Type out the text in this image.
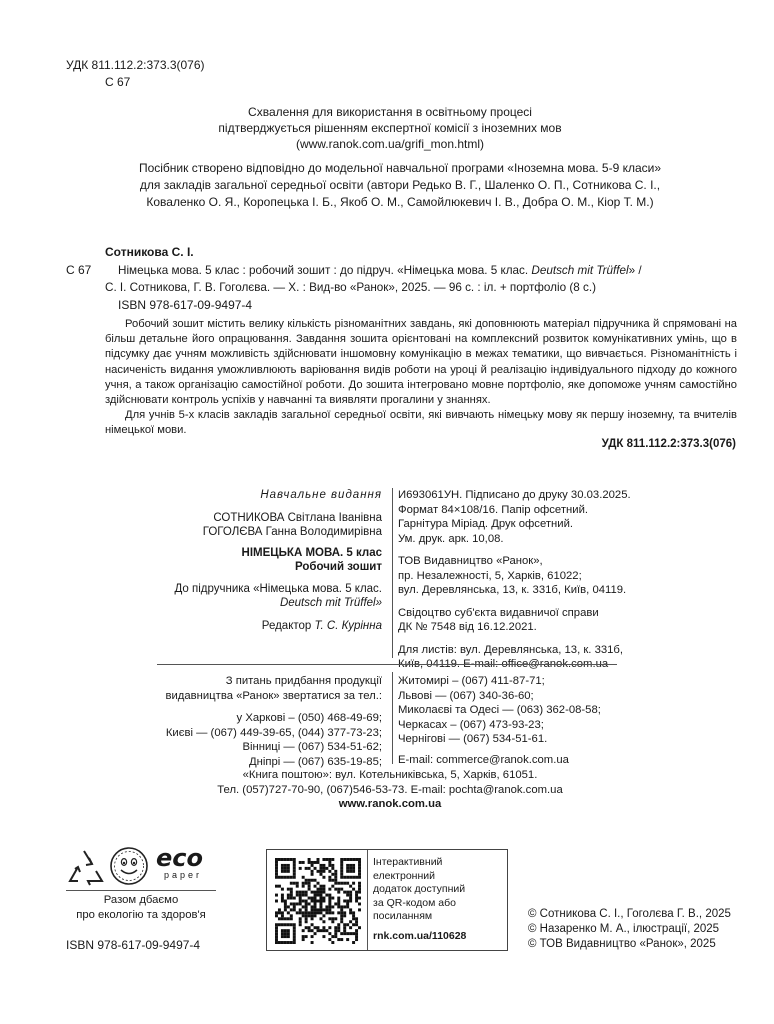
УДК 811.112.2:373.3(076)
С 67
Схвалення для використання в освітньому процесі
підтверджується рішенням експертної комісії з іноземних мов
(www.ranok.com.ua/grifi_mon.html)
Посібник створено відповідно до модельної навчальної програми «Іноземна мова. 5-9 класи»
для закладів загальної середньої освіти (автори Редько В. Г., Шаленко О. П., Сотникова С. І.,
Коваленко О. Я., Коропецька І. Б., Якоб О. М., Самойлюкевич І. В., Добра О. М., Кіор Т. М.)
Сотникова С. І.
С 67 Німецька мова. 5 клас : робочий зошит : до підруч. «Німецька мова. 5 клас. Deutsch mit Trüffel» /
С. І. Сотникова, Г. В. Гоголєва. — Х. : Вид-во «Ранок», 2025. — 96 с. : іл. + портфоліо (8 с.)
ISBN 978-617-09-9497-4

Робочий зошит містить велику кількість різноманітних завдань, які доповнюють матеріал підручника й спрямовані на більш детальне його опрацювання. Завдання зошита орієнтовані на комплексний розвиток комунікативних умінь, що в підсумку дає учням можливість здійснювати іншомовну комунікацію в межах тематики, що вивчається. Різноманітність і насиченість видання уможливлюють варіювання видів роботи на уроці й реалізацію індивідуального підходу до кожного учня, а також організацію самостійної роботи. До зошита інтегровано мовне портфоліо, яке допоможе учням самостійно здійснювати контроль успіхів у навчанні та виявляти прогалини у знаннях.

Для учнів 5-х класів закладів загальної середньої освіти, які вивчають німецьку мову як першу іноземну, та вчителів німецької мови.

УДК 811.112.2:373.3(076)
Навчальне видання
СОТНИКОВА Світлана Іванівна
ГОГОЛЄВА Ганна Володимирівна
НІМЕЦЬКА МОВА. 5 клас
Робочий зошит
До підручника «Німецька мова. 5 клас.
Deutsch mit Trüffel»
Редактор Т. С. Курінна
И693061УН. Підписано до друку 30.03.2025.
Формат 84×108/16. Папір офсетний.
Гарнітура Міріад. Друк офсетний.
Ум. друк. арк. 10,08.
ТОВ Видавництво «Ранок»,
пр. Незалежності, 5, Харків, 61022;
вул. Деревлянська, 13, к. 331б, Київ, 04119.
Свідоцтво суб'єкта видавничої справи
ДК № 7548 від 16.12.2021.
Для листів: вул. Деревлянська, 13, к. 331б,
Київ, 04119. E-mail: office@ranok.com.ua
З питань придбання продукції
видавництва «Ранок» звертатися за тел.:
у Харкові – (050) 468-49-69;
Києві — (067) 449-39-65, (044) 377-73-23;
Вінниці — (067) 534-51-62;
Дніпрі — (067) 635-19-85;
Житомирі – (067) 411-87-71;
Львові — (067) 340-36-60;
Миколаєві та Одесі — (063) 362-08-58;
Черкасах – (067) 473-93-23;
Чернігові — (067) 534-51-61.
E-mail: commerce@ranok.com.ua
«Книга поштою»: вул. Котельниківська, 5, Харків, 61051.
Тел. (057)727-70-90, (067)546-53-73. E-mail: pochta@ranok.com.ua
www.ranok.com.ua
eco
paper
Разом дбаємо
про екологію та здоров'я
ISBN 978-617-09-9497-4
Інтерактивний
електронний
додаток доступний
за QR-кодом або
посиланням
rnk.com.ua/110628
© Сотникова С. І., Гоголєва Г. В., 2025
© Назаренко М. А., ілюстрації, 2025
© ТОВ Видавництво «Ранок», 2025
